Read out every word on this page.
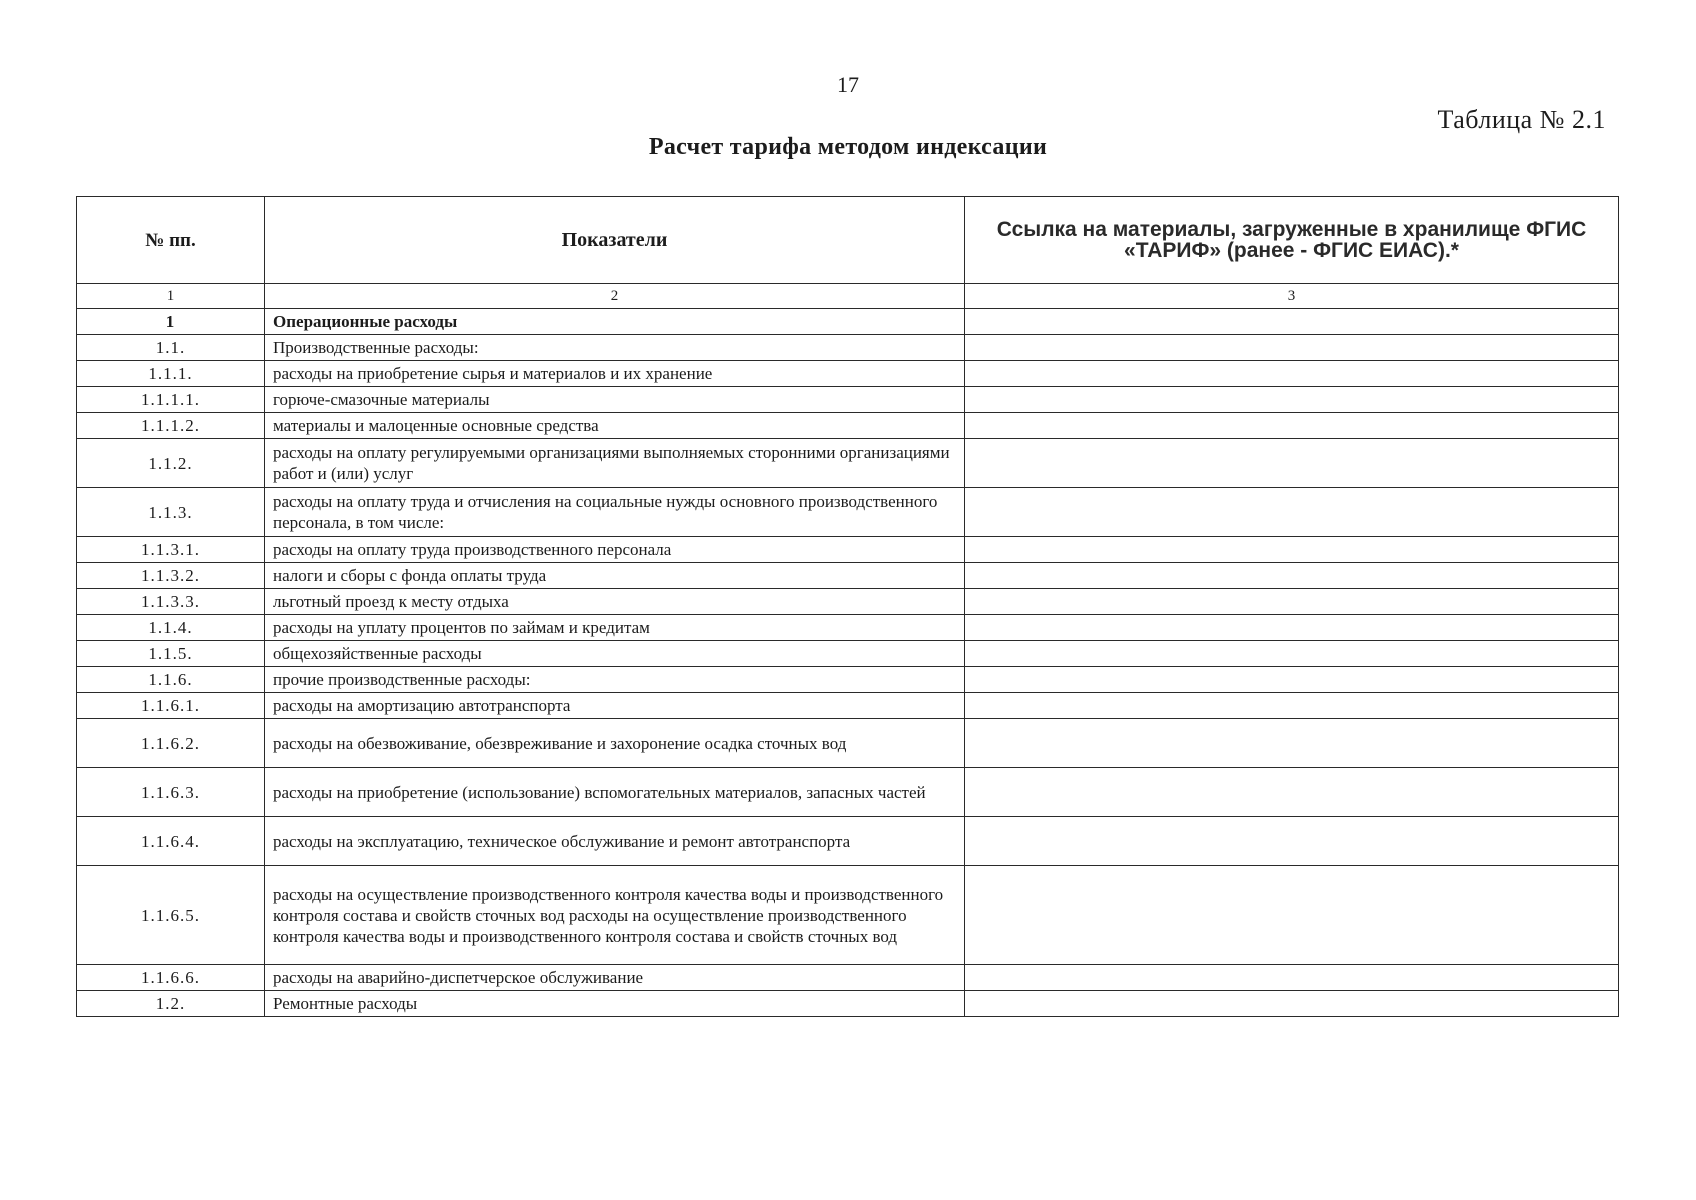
17
Таблица № 2.1
Расчет тарифа методом индексации
№ пп.	Показатели	Ссылка на материалы, загруженные в хранилище ФГИС «ТАРИФ» (ранее - ФГИС ЕИАС).*
1	2	3
1	Операционные расходы	
1.1.	Производственные расходы:	
1.1.1.	расходы на приобретение сырья и материалов и их хранение	
1.1.1.1.	горюче-смазочные материалы	
1.1.1.2.	материалы и малоценные основные средства	
1.1.2.	расходы на оплату регулируемыми организациями выполняемых сторонними организациями работ и (или) услуг	
1.1.3.	расходы на оплату труда и отчисления на социальные нужды основного производственного персонала, в том числе:	
1.1.3.1.	расходы на оплату труда производственного персонала	
1.1.3.2.	налоги и сборы с фонда оплаты труда	
1.1.3.3.	льготный проезд к месту отдыха	
1.1.4.	расходы на уплату процентов по займам и кредитам	
1.1.5.	общехозяйственные расходы	
1.1.6.	прочие производственные расходы:	
1.1.6.1.	расходы на амортизацию автотранспорта	
1.1.6.2.	расходы на обезвоживание, обезвреживание и захоронение осадка сточных вод	
1.1.6.3.	расходы на приобретение (использование) вспомогательных материалов, запасных частей	
1.1.6.4.	расходы на эксплуатацию, техническое обслуживание и ремонт автотранспорта	
1.1.6.5.	расходы на осуществление производственного контроля качества воды и производственного контроля состава и свойств сточных вод расходы на осуществление производственного контроля качества воды и производственного контроля состава и свойств сточных вод	
1.1.6.6.	расходы на аварийно-диспетчерское обслуживание	
1.2.	Ремонтные расходы	
